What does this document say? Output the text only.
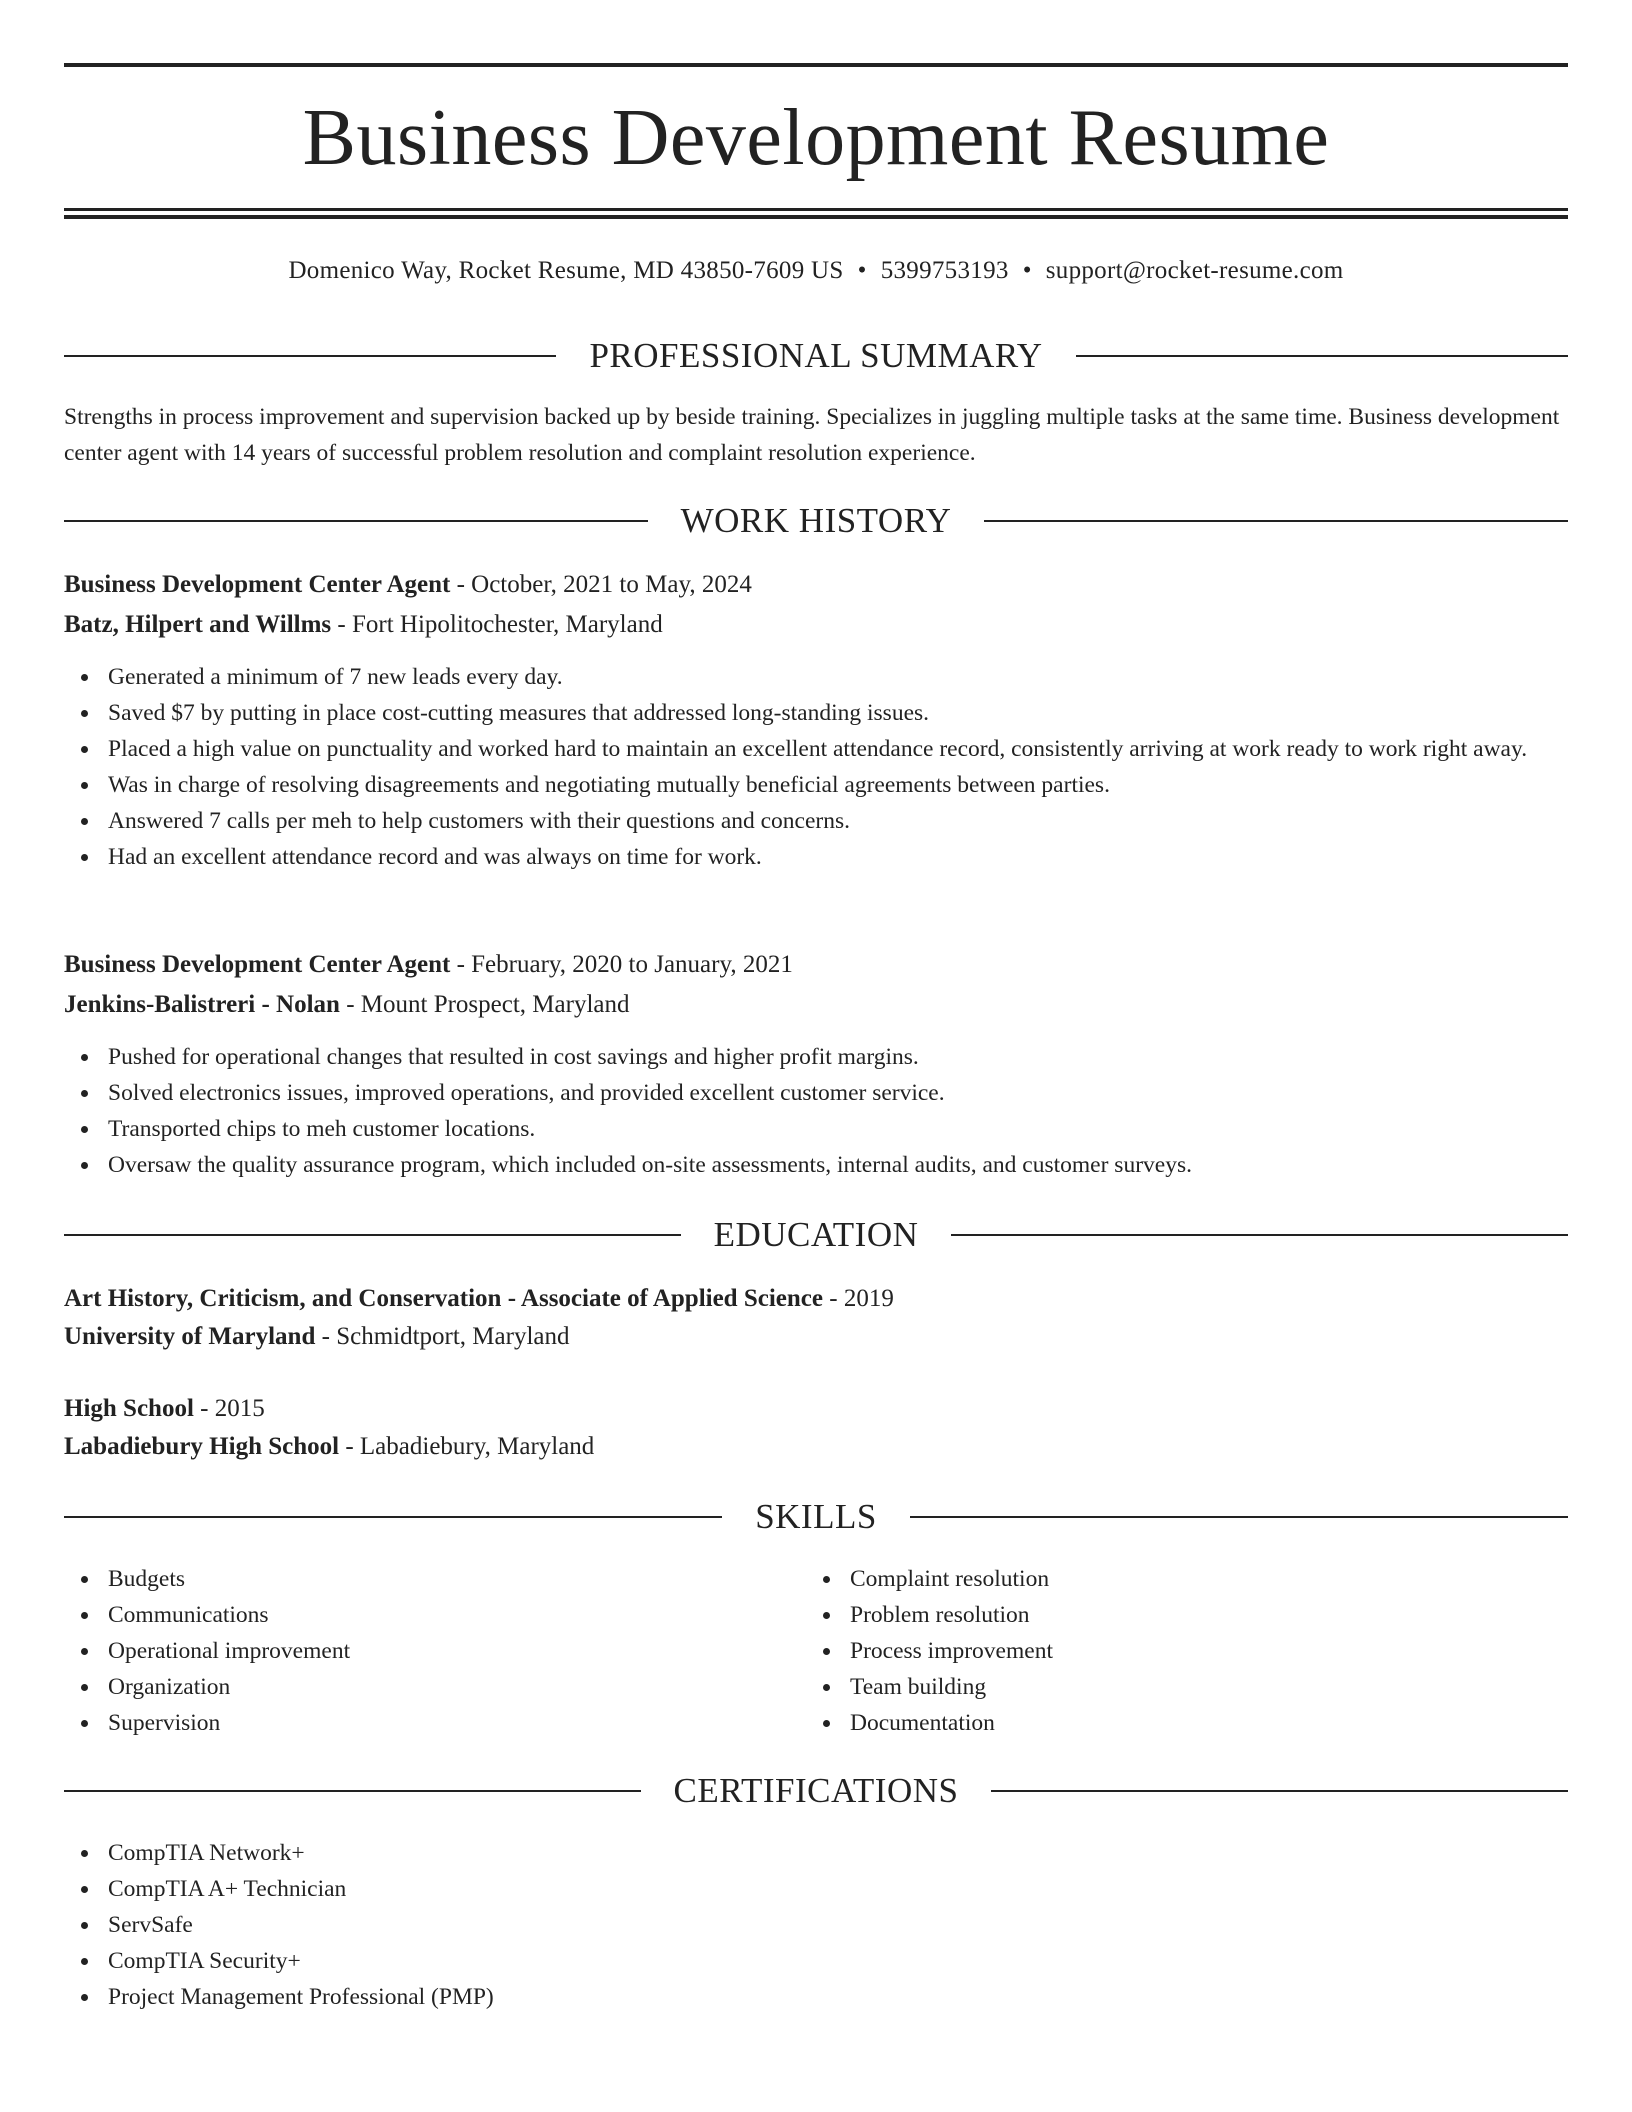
Business Development Resume
Domenico Way, Rocket Resume, MD 43850-7609 US • 5399753193 • support@rocket-resume.com
PROFESSIONAL SUMMARY

Strengths in process improvement and supervision backed up by beside training. Specializes in juggling multiple tasks at the same time. Business development center agent with 14 years of successful problem resolution and complaint resolution experience.

WORK HISTORY
Business Development Center Agent - October, 2021 to May, 2024
Batz, Hilpert and Willms - Fort Hipolitochester, Maryland
Generated a minimum of 7 new leads every day.
Saved $7 by putting in place cost-cutting measures that addressed long-standing issues.
Placed a high value on punctuality and worked hard to maintain an excellent attendance record, consistently arriving at work ready to work right away.
Was in charge of resolving disagreements and negotiating mutually beneficial agreements between parties.
Answered 7 calls per meh to help customers with their questions and concerns.
Had an excellent attendance record and was always on time for work.
Business Development Center Agent - February, 2020 to January, 2021
Jenkins-Balistreri - Nolan - Mount Prospect, Maryland
Pushed for operational changes that resulted in cost savings and higher profit margins.
Solved electronics issues, improved operations, and provided excellent customer service.
Transported chips to meh customer locations.
Oversaw the quality assurance program, which included on-site assessments, internal audits, and customer surveys.
EDUCATION
Art History, Criticism, and Conservation - Associate of Applied Science - 2019
University of Maryland - Schmidtport, Maryland
High School - 2015
Labadiebury High School - Labadiebury, Maryland
SKILLS
Budgets
Communications
Operational improvement
Organization
Supervision
Complaint resolution
Problem resolution
Process improvement
Team building
Documentation
CERTIFICATIONS
CompTIA Network+
CompTIA A+ Technician
ServSafe
CompTIA Security+
Project Management Professional (PMP)
